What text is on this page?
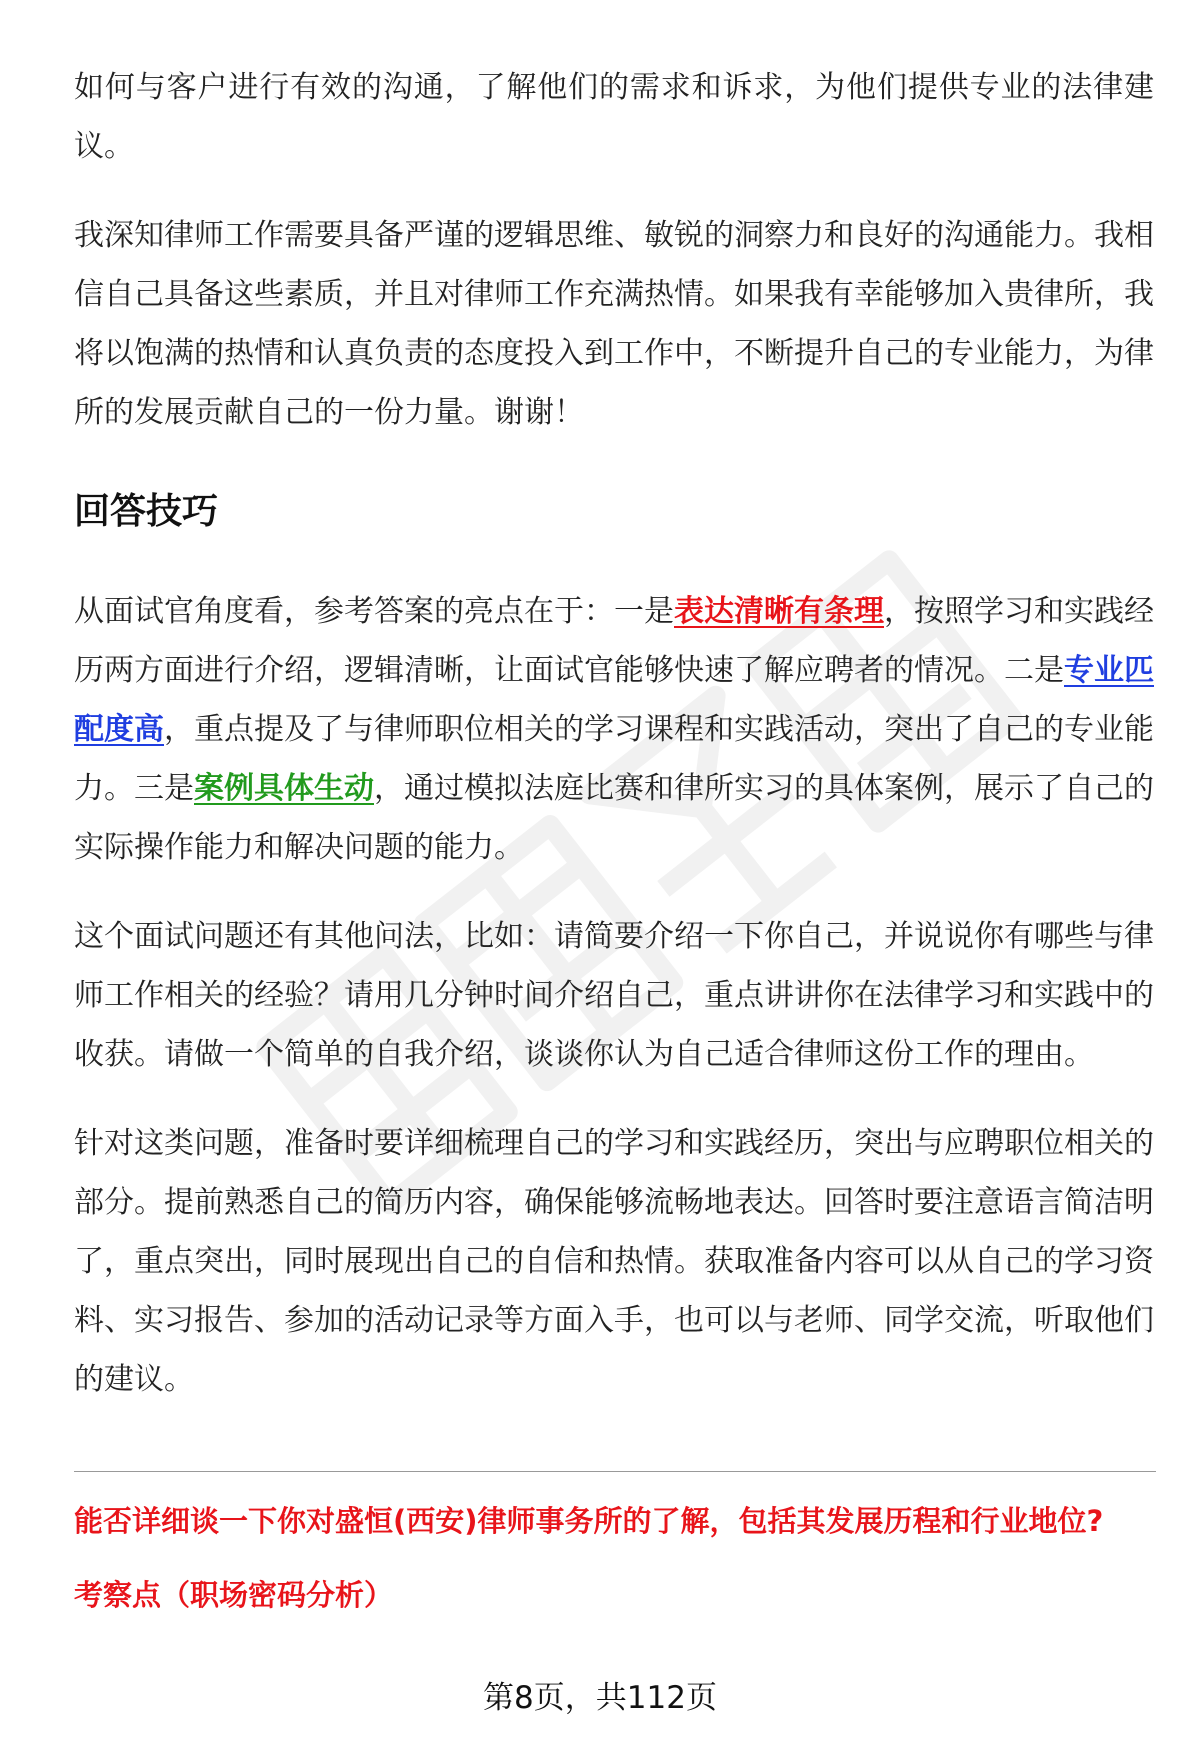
如何与客户进行有效的沟通，了解他们的需求和诉求，为他们提供专业的法律建议。

我深知律师工作需要具备严谨的逻辑思维、敏锐的洞察力和良好的沟通能力。我相信自己具备这些素质，并且对律师工作充满热情。如果我有幸能够加入贵律所，我将以饱满的热情和认真负责的态度投入到工作中，不断提升自己的专业能力，为律所的发展贡献自己的一份力量。谢谢！

回答技巧

从面试官角度看，参考答案的亮点在于：一是表达清晰有条理，按照学习和实践经历两方面进行介绍，逻辑清晰，让面试官能够快速了解应聘者的情况。二是专业匹配度高，重点提及了与律师职位相关的学习课程和实践活动，突出了自己的专业能力。三是案例具体生动，通过模拟法庭比赛和律所实习的具体案例，展示了自己的实际操作能力和解决问题的能力。

这个面试问题还有其他问法，比如：请简要介绍一下你自己，并说说你有哪些与律师工作相关的经验？请用几分钟时间介绍自己，重点讲讲你在法律学习和实践中的收获。请做一个简单的自我介绍，谈谈你认为自己适合律师这份工作的理由。

针对这类问题，准备时要详细梳理自己的学习和实践经历，突出与应聘职位相关的部分。提前熟悉自己的简历内容，确保能够流畅地表达。回答时要注意语言简洁明了，重点突出，同时展现出自己的自信和热情。获取准备内容可以从自己的学习资料、实习报告、参加的活动记录等方面入手，也可以与老师、同学交流，听取他们的建议。

能否详细谈一下你对盛恒(西安)律师事务所的了解，包括其发展历程和行业地位?

考察点（职场密码分析）

第8页，共112页
